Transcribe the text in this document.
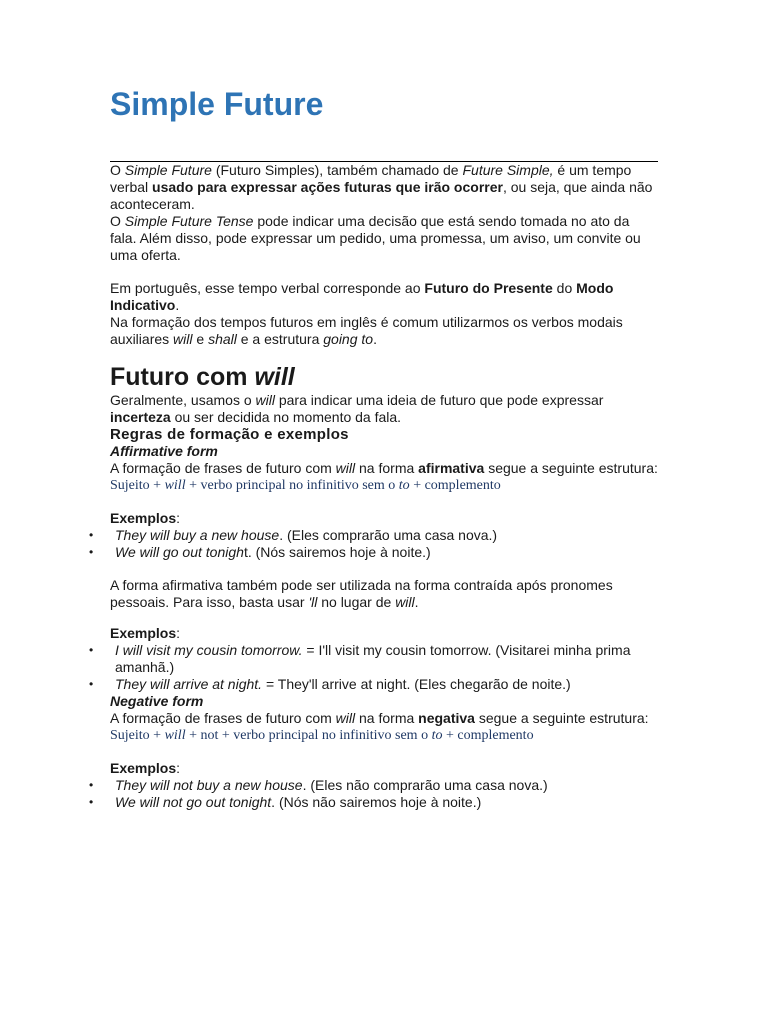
Simple Future

O Simple Future (Futuro Simples), também chamado de Future Simple, é um tempo verbal usado para expressar ações futuras que irão ocorrer, ou seja, que ainda não aconteceram.

O Simple Future Tense pode indicar uma decisão que está sendo tomada no ato da fala. Além disso, pode expressar um pedido, uma promessa, um aviso, um convite ou uma oferta.

Em português, esse tempo verbal corresponde ao Futuro do Presente do Modo Indicativo.

Na formação dos tempos futuros em inglês é comum utilizarmos os verbos modais auxiliares will e shall e a estrutura going to.

Futuro com will

Geralmente, usamos o will para indicar uma ideia de futuro que pode expressar incerteza ou ser decidida no momento da fala.

Regras de formação e exemplos
Affirmative form

A formação de frases de futuro com will na forma afirmativa segue a seguinte estrutura:

Sujeito + will + verbo principal no infinitivo sem o to + complemento

Exemplos:

• They will buy a new house. (Eles comprarão uma casa nova.)
• We will go out tonight. (Nós sairemos hoje à noite.)

A forma afirmativa também pode ser utilizada na forma contraída após pronomes pessoais. Para isso, basta usar 'll no lugar de will.

Exemplos:

• I will visit my cousin tomorrow. = I'll visit my cousin tomorrow. (Visitarei minha prima amanhã.)
• They will arrive at night. = They'll arrive at night. (Eles chegarão de noite.)
Negative form

A formação de frases de futuro com will na forma negativa segue a seguinte estrutura:

Sujeito + will + not + verbo principal no infinitivo sem o to + complemento

Exemplos:

• They will not buy a new house. (Eles não comprarão uma casa nova.)
• We will not go out tonight. (Nós não sairemos hoje à noite.)
